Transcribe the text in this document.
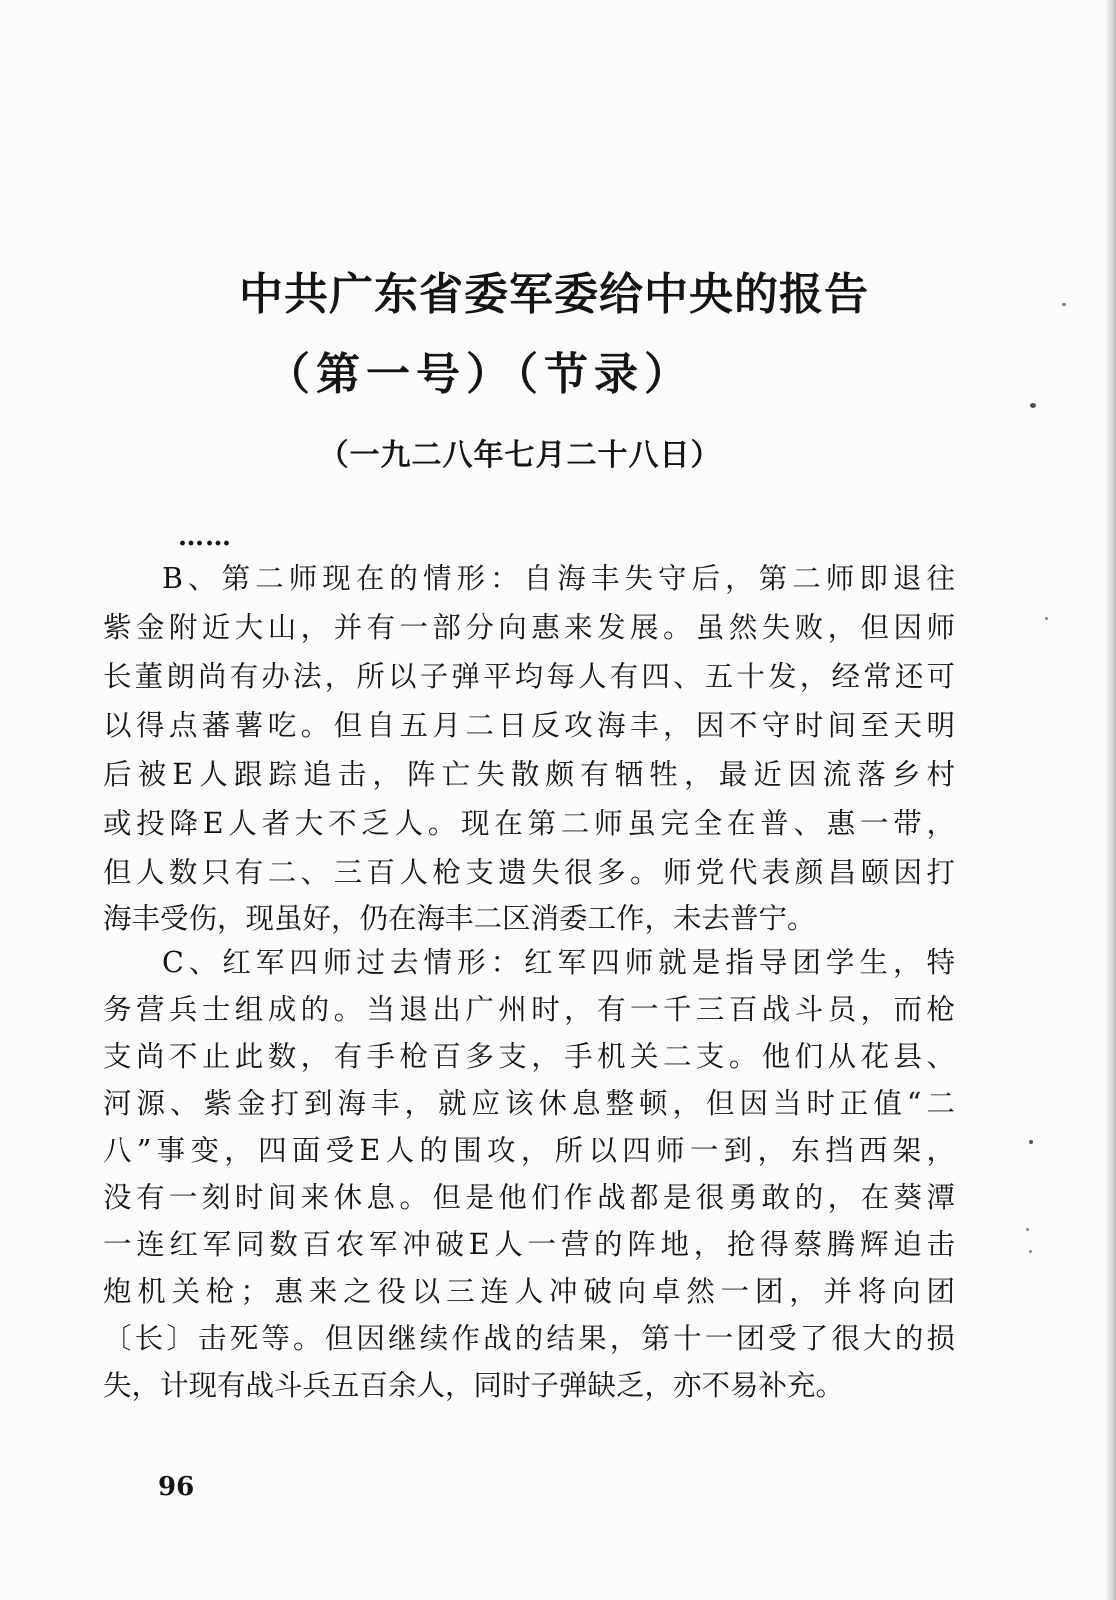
中共广东省委军委给中央的报告
（第一号）（节录）
（一九二八年七月二十八日）
……
B、第二师现在的情形：自海丰失守后，第二师即退往
紫金附近大山，并有一部分向惠来发展。虽然失败，但因师
长董朗尚有办法，所以子弹平均每人有四、五十发，经常还可
以得点蕃薯吃。但自五月二日反攻海丰，因不守时间至天明
后被E人跟踪追击，阵亡失散颇有牺牲，最近因流落乡村
或投降E人者大不乏人。现在第二师虽完全在普、惠一带，
但人数只有二、三百人枪支遗失很多。师党代表颜昌颐因打
海丰受伤，现虽好，仍在海丰二区消委工作，未去普宁。
C、红军四师过去情形：红军四师就是指导团学生，特
务营兵士组成的。当退出广州时，有一千三百战斗员，而枪
支尚不止此数，有手枪百多支，手机关二支。他们从花县、
河源、紫金打到海丰，就应该休息整顿，但因当时正值“二
八”事变，四面受E人的围攻，所以四师一到，东挡西架，
没有一刻时间来休息。但是他们作战都是很勇敢的，在葵潭
一连红军同数百农军冲破E人一营的阵地，抢得蔡腾辉迫击
炮机关枪；惠来之役以三连人冲破向卓然一团，并将向团
〔长〕击死等。但因继续作战的结果，第十一团受了很大的损
失，计现有战斗兵五百余人，同时子弹缺乏，亦不易补充。
96
